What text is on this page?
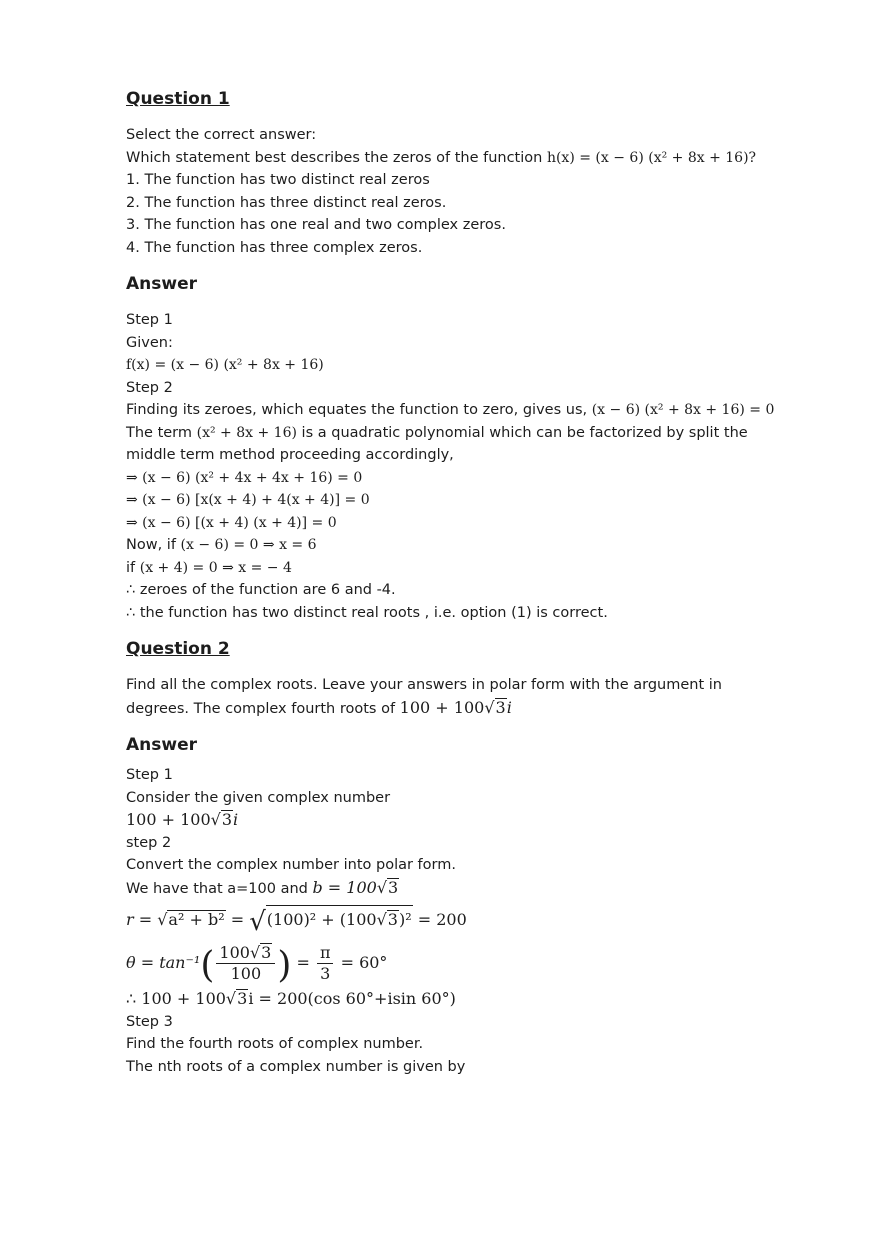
Question 1

Select the correct answer:

Which statement best describes the zeros of the function h(x) = (x − 6) (x² + 8x + 16)?

1. The function has two distinct real zeros

2. The function has three distinct real zeros.

3. The function has one real and two complex zeros.

4. The function has three complex zeros.

Answer

Step 1

Given:

f(x) = (x − 6) (x² + 8x + 16)

Step 2

Finding its zeroes, which equates the function to zero, gives us, (x − 6) (x² + 8x + 16) = 0

The term (x² + 8x + 16) is a quadratic polynomial which can be factorized by split the

middle term method proceeding accordingly,

⇒ (x − 6) (x² + 4x + 4x + 16) = 0

⇒ (x − 6) [x(x + 4) + 4(x + 4)] = 0

⇒ (x − 6) [(x + 4) (x + 4)] = 0

Now, if (x − 6) = 0 ⇒ x = 6

if (x + 4) = 0 ⇒ x = − 4

∴ zeroes of the function are 6 and -4.

∴ the function has two distinct real roots , i.e. option (1) is correct.

Question 2

Find all the complex roots. Leave your answers in polar form with the argument in

degrees. The complex fourth roots of 100 + 100√3i

Answer

Step 1

Consider the given complex number

100 + 100√3i

step 2

Convert the complex number into polar form.

We have that a=100 and b = 100√3

r = √a² + b² = √(100)² + (100√3)² = 200

$\theta = \tan^{-1}( \frac{100√3}{100}$ ) = $\frac{\pi}{3} = 60^\circ$

∴ 100 + 100√3i = 200(cos 60°+isin 60°)

Step 3

Find the fourth roots of complex number.

The nth roots of a complex number is given by
